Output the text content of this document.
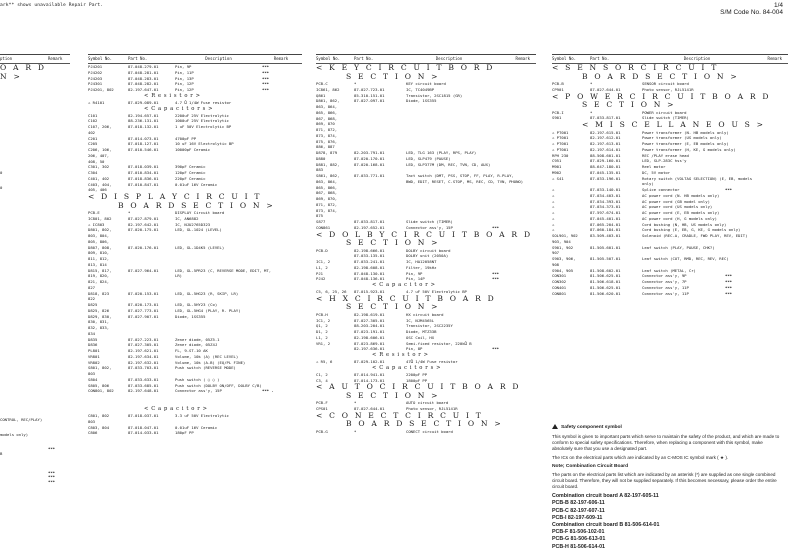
ark** shows unavailable Repair Part.	1/4
S/M Code No. 84-004
ption	Remark
O A R D
N >
0
0
CONTROL, REC/PLAY)
models only)
***
B
***
***
***
Symbol No.	Part No.	Description	Remark
PJ4201	87-048-279-01	Pin, 9P	***
PJ4202	87-048-281-01	Pin, 11P	***
PJ4203	87-048-283-01	Pin, 13P	***
PJ4301	87-048-282-01	Pin, 12P	***
PJ4201, 802	82-197-647-01	Pin, 12P	***
< R e s i s t o r >
⚠ R4101	87-029-089-01	4.7 Ω 1/4W Fuse resistor
< C a p a c i t o r s >
C101	82-194-657-01	2200uF 25V Electrolytic
C102	88-236-131-01	1000uF 25V Electrolytic
C107, 206,	87-018-132-01	1 uF 50V Electrolytic BP
402
C201	87-014-073-01	4700pF PP
C205	87-018-127-01	10 uF 16V Electrolytic BP
C206, 106,	87-010-546-01	10000pF Ceramic
206, 407,
408, 50
C301, 302	87-018-039-01	390pF Ceramic
C304	87-010-834-01	120pF Ceramic
C401, 402	87-018-836-01	220pF Ceramic
C403, 404,	87-010-847-01	0.01uF 16V Ceramic
405, 406
< D I S P L A Y C I R C U I T
B O A R D S E C T I O N >
PCB-E	*	DISPLAY Circuit board
IC801, 802	87-027-879-01	IC, AN6882
⚠ IC803	82-197-642-01	IC, NJU2765D323
D801, 802,	87-020-175-01	LED, GL-1024 (LEVEL)
803, 804,
805, 806,
D807, 808,	87-020-176-01	LED, GL-1D4K5 (LEVEL)
809, 810,
811, 812,
813, 814
D815, 817,	87-027-964-01	LED, GL-5PR23 (C, REVERSE MODE, EDIT, MT,
819, 820,	LR)
821, 824,
827
D818, 823	87-020-153-01	LED, GL-5HG23 (R, SKIP, LR)
822
D825	87-020-173-01	LED, GL-5HY23 (Co)
D825, 826	87-027-773-01	LED, GL-5HG4 (PLAY, R. PLAY)
D829, 830,	87-027-907-01	Diode, 1SS355
830, 831,
832, 833,
834
D835	87-027-223-01	Zener diode, 05Z5.1
D836	87-027-305-01	Zener diode, 05Z4J
PL801	82-197-621-01	FL, 9-ST-10 AK
VR801	82-197-634-01	Volume, 10k (A) (REC LEVEL)
VR802	82-197-632-01	Volume, 10k (A-B) (EQ/PL FINE)
S801, 802,	87-033-703-01	Push switch (REVERSE MODE)
803
S804	87-033-633-01	Push switch ( ○ ○ )
S805, 806	87-033-685-01	Push switch (DOLBY ON/OFF, DOLBY C/B)
CON801, 802	82-197-648-01	Connector ass'y, 15P	*** .
< C a p a c i t o r >
C801, 802	87-018-037-01	3.3 uF 50V Electrolytic
803
C803, 804	87-018-047-01	0.01uF 16V Ceramic
C806	87-014-033-01	180pF PP
Symbol No.	Part No.	Description	Remark
< K E Y C I R C U I T B O R D
S E C T I O N >
PCB-C	*	KEY circuit board
IC861, 862	87-027-723-01	IC, TC4049BP
Q861	85-310-151-01	Transistor, 2SC1815 (GR)
D861, 862,	87-027-097-01	Diode, 1SS355
863, 864,
865, 866,
867, 868,
869, 870
871, 872,
873, 874,
875, 876,
886, 887
D878, 879	82-203-791-01	LED, TLG 163 (PLAY, RPS, PLAY)
D880	87-020-170-01	LED, SLP479 (PAUSE)
D881, 882,	87-020-168-01	LED, SLP377M (DM, REC, TVN, CD, AUX)
883
S861, 862,	87-033-771-01	Tact switch (DMT, PSS, STOP, FF, PLAY, R.PLAY,
863, 864,	BWD, EDIT, RESET, C.STOP, MS, REC, CD, TVN, PHONO)
865, 866,
867, 868,
869, 870,
871, 872,
873, 874,
875
S877	87-033-817-01	Slide switch (TIMER)
CON861	82-197-652-01	Connector ass'y, 15P	***
< D O L B Y C I R C U I T B O A R D
S E C T I O N >
PCB-D	82-198-666-01	DOLBY circuit board
87-033-135-01	DOLBY unit (2050A)
IC1, 2	87-033-241-01	IC, HA12058NT
L1, 2	82-198-608-01	Filter, 19kHz
PJ1	87-048-130-01	Pin, 9P	***
PJ42	87-048-136-01	Pin, 14P	***
< C a p a c i t o r >
C5, 6, 25, 26	87-015-923-01	4.7 uF 50V Electrolytic BP
< H X C I R C U I T B O A R D
S E C T I O N >
PCB-H	82-198-619-01	HX circuit board
IC1, 2	87-027-305-01	IC, NJM4565L
Q1, 2	88-203-204-01	Transistor, 2SC2235Y
D1, 2	87-023-191-01	Diode, MTZ33B
L1, 2	82-198-606-01	OSC Coil, HX
VR1, 2	87-023-869-01	Semi-fixed resistor, 220kΩ B
82-197-636-01	Pin, 8P	***
< R e s i s t o r >
⚠ R5, 6	87-029-102-01	47Ω 1/4W Fuse resistor
< C a p a c i t o r s >
C1, 2	87-014-941-01	2200pF PP
C3, 4	87-014-173-01	1800pF PP
< A U T O C I R C U I T B O A R D
S E C T I O N >
PCB-F	*	AUTO circuit board
CPS01	87-027-644-01	Photo sensor, RJL5141R
< C O N E C T C I R C U I T
B O A R D S E C T I O N >
PCB-G	*	CONECT circuit board
Symbol No.	Part No.	Description	Remark
< S E N S O R C I R C U I T
B O A R D S E C T I O N >
PCB-B	*	SENSOR circuit board
CP901	87-027-644-01	Photo sensor, RJL5141R
< P O W E R C I R C U I T B O A R D
S E C T I O N >
PCB-I	*	POWER circuit board
S901	87-033-817-01	Slide switch (TIMER)
< M I S C E L L A N E O U S >
⚠ PT001	82-197-615-01	Power transformer (N. HB models only)
⚠ PT001	82-197-612-01	Power transformer (US models only)
⚠ PT001	82-197-613-01	Power transformer (E, EB models only)
⚠ PT001	82-197-614-01	Power transformer (H, KE, G models only)
RPH 230	88-508-601-01	REC /PLAY erase head
C951	87-029-160-01	LED, SLP-283C hss'y
M901	88-647-180-01	Reel motor
M902	87-045-135-01	DC, 5V motor
⚠ S41	87-033-196-01	Rotary switch (VOLTAG SELECTION) (E, EB, models
only)
⚠	87-033-140-01	Splice connector	***
⚠	87-034-403-01	AC power cord (N. HB models only)
⚠	87-034-393-01	AC power cord (GB model only)
⚠	87-034-373-01	AC power cord (US models only)
⚠	87-597-674-01	AC power cord (E, EB models only)
⚠	87-045-401-01	AC power cord (H, G models only)
⚠	87-065-204-01	Cord bushing (N, HB, US models only)
⚠	87-060-184-01	Cord bushing (E, EB, G, KE, G models only)
SOL901, 902	83-509-403-01	Solenoid (REC-A, CRADLE, FWD PLAY, REV, EDIT)
903, 904
S901, 902	81-505-601-01	Leaf switch (PLAY, PAUSE, CHK?)
907
S903, 906,	81-505-507-01	Leaf switch (CUT, RMD, REC, REV, REC)
908
S904, 905	81-508-602-01	Leaf switch (METAL, Cr)
CON301	81-506-625-01	Connector ass'y, 9P	***
CON302	81-506-618-01	Connector ass'y, 7P	***
CON401	81-506-625-01	Connector ass'y, 11P	***
CON801	81-506-620-01	Connector ass'y, 11P	***

Safety component symbol

This symbol is given to important parts which serve to maintain the safety of the product, and which are made to conform to special safety specifications. Therefore, when replacing a component with this symbol, make absolutely sure that you use a designated part.

The ICs on the electrical parts which are indicated by an C-MOS IC symbol mark ( ★ ).

Note; Combination Circuit Board

The parts on the electrical parts list which are indicated by an asterisk (*) are supplied as one single combined circuit board. Therefore, they will not be supplied separately. If this becomes necessary, please order the entire circuit board.

Combination circuit board A 82-197-605-11
PCB-B 82-197-606-11
PCB-C 82-197-607-11
PCB-I 82-197-609-11
Combination circuit board B 81-506-614-01
PCB-F 81-506-102-01
PCB-G 81-506-613-01
PCB-H 81-506-614-01
